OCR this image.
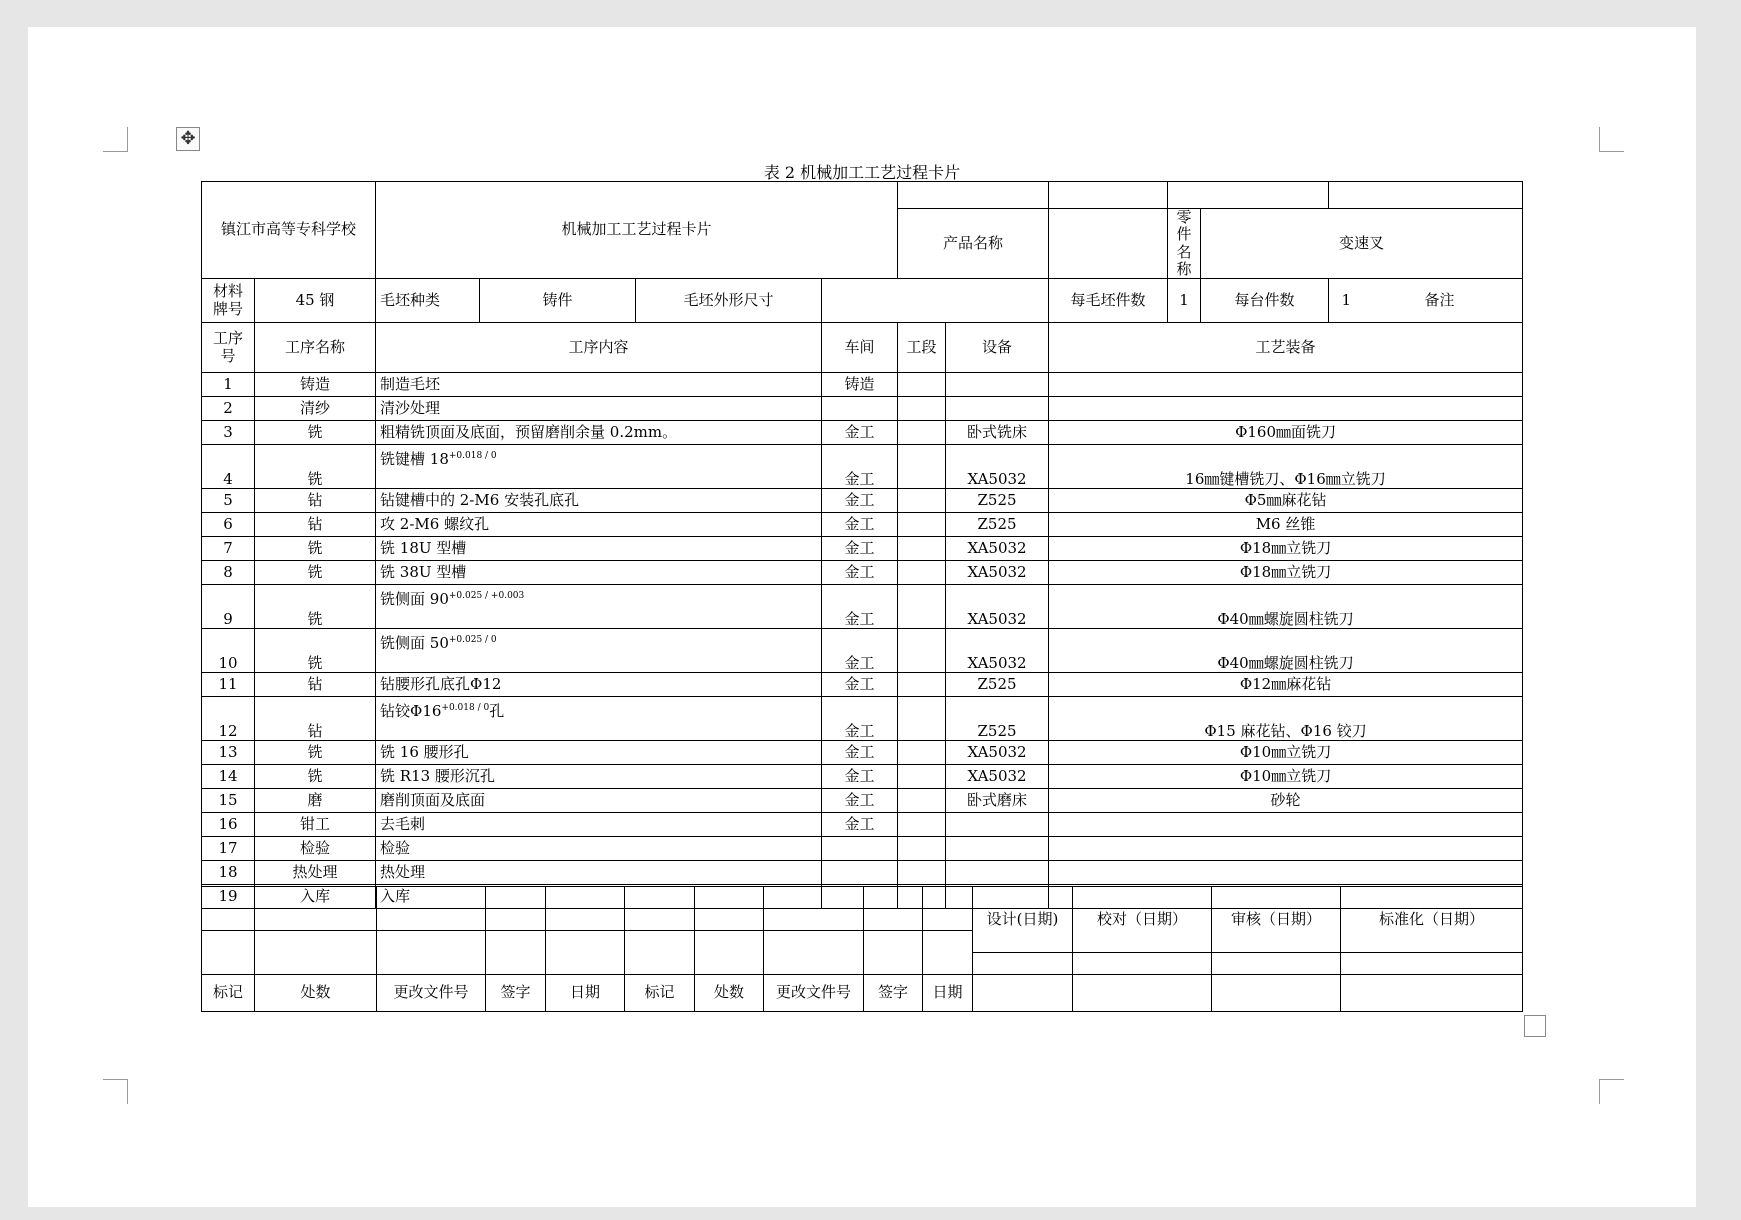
✥
表 2 机械加工工艺过程卡片
镇江市高等专科学校		机械加工工艺过程卡片										
						产品名称			零件名称	变速叉	
材料牌号	45 钢	毛坯种类	铸件	毛坯外形尺寸				每毛坯件数	1	每台件数	1 备注	
工序号	工序名称	工序内容			车间	工段	设备	工艺装备				
1	铸造	制造毛坯			铸造							
2	清纱	清沙处理										
3	铣	粗精铣顶面及底面，预留磨削余量 0.2mm。			金工		卧式铣床	Φ160㎜面铣刀				
4	铣	铣键槽 $18^{+0.018 / 0}$			金工		XA5032	16㎜键槽铣刀、Φ16㎜立铣刀				
5	钻	钻键槽中的 2-M6 安装孔底孔			金工		Z525	Φ5㎜麻花钻				
6	钻	攻 2-M6 螺纹孔			金工		Z525	M6 丝锥				
7	铣	铣 18U 型槽			金工		XA5032	Φ18㎜立铣刀				
8	铣	铣 38U 型槽			金工		XA5032	Φ18㎜立铣刀				
9	铣	铣侧面 $90^{+0.025 / +0.003}$			金工		XA5032	Φ40㎜螺旋圆柱铣刀				
10	铣	铣侧面 $50^{+0.025 / 0}$			金工		XA5032	Φ40㎜螺旋圆柱铣刀				
11	钻	钻腰形孔底孔Φ12			金工		Z525	Φ12㎜麻花钻				
12	钻	钻铰$\Phi 16^{+0.018 / 0}$孔			金工		Z525	Φ15 麻花钻、Φ16 铰刀				
13	铣	铣 16 腰形孔			金工		XA5032	Φ10㎜立铣刀				
14	铣	铣 R13 腰形沉孔			金工		XA5032	Φ10㎜立铣刀				
15	磨	磨削顶面及底面			金工		卧式磨床	砂轮				
16	钳工	去毛刺			金工							
17	检验	检验										
18	热处理	热处理										
19	入库	入库										
										设计(日期)	校对（日期）	审核（日期）	标准化（日期）

标记	处数	更改文件号	签字	日期	标记	处数	更改文件号	签字	日期				
